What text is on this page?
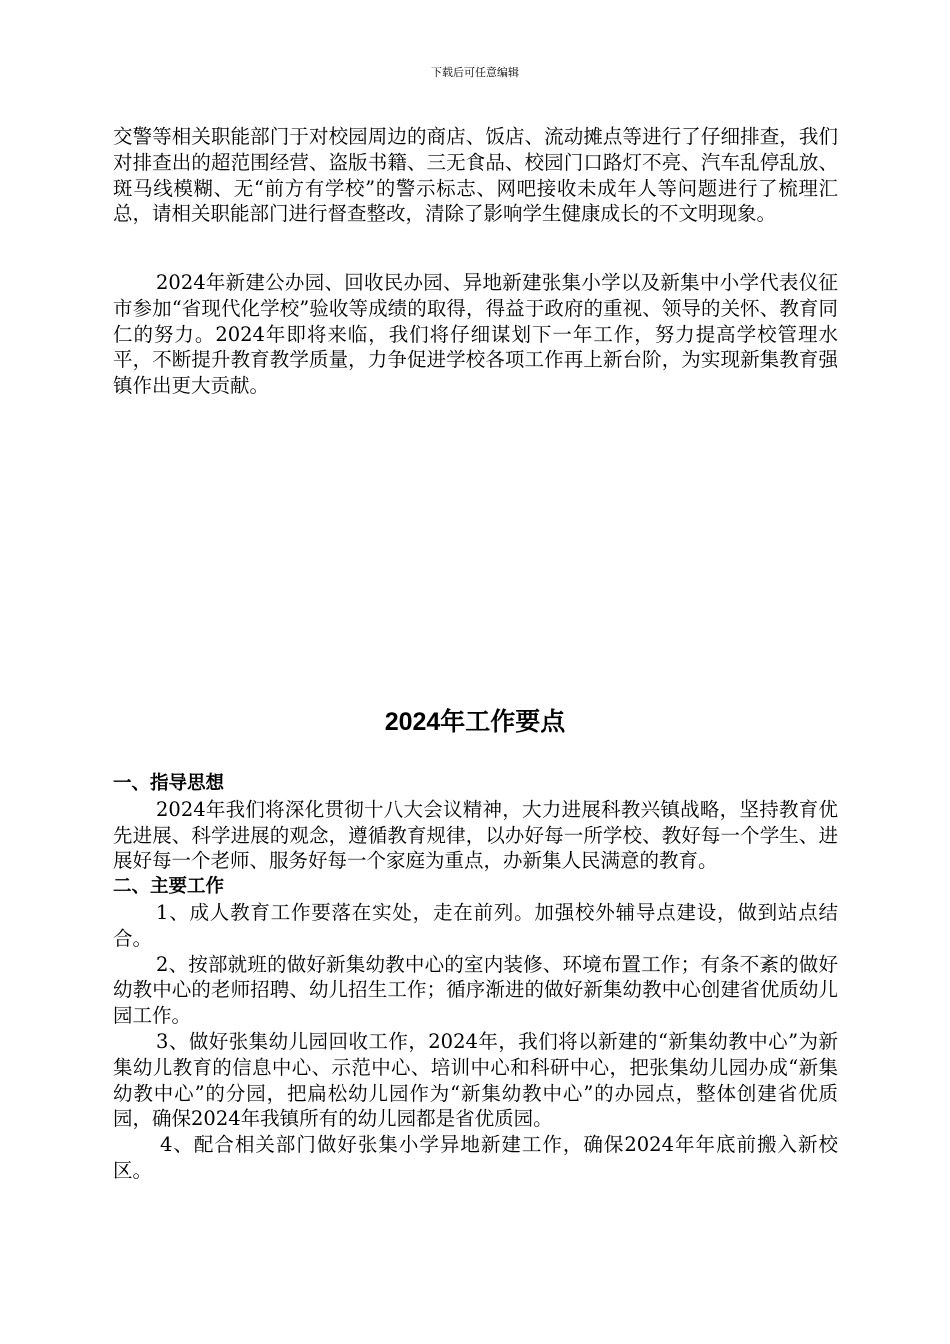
下载后可任意编辑

交警等相关职能部门于对校园周边的商店、饭店、流动摊点等进行了仔细排查，我们对排查出的超范围经营、盗版书籍、三无食品、校园门口路灯不亮、汽车乱停乱放、斑马线模糊、无“前方有学校”的警示标志、网吧接收未成年人等问题进行了梳理汇总，请相关职能部门进行督查整改，清除了影响学生健康成长的不文明现象。

2024年新建公办园、回收民办园、异地新建张集小学以及新集中小学代表仪征市参加“省现代化学校”验收等成绩的取得，得益于政府的重视、领导的关怀、教育同仁的努力。2024年即将来临，我们将仔细谋划下一年工作，努力提高学校管理水平，不断提升教育教学质量，力争促进学校各项工作再上新台阶，为实现新集教育强镇作出更大贡献。

2024年工作要点

一、指导思想

2024年我们将深化贯彻十八大会议精神，大力进展科教兴镇战略，坚持教育优先进展、科学进展的观念，遵循教育规律，以办好每一所学校、教好每一个学生、进展好每一个老师、服务好每一个家庭为重点，办新集人民满意的教育。

二、主要工作

1、成人教育工作要落在实处，走在前列。加强校外辅导点建设，做到站点结合。

2、按部就班的做好新集幼教中心的室内装修、环境布置工作；有条不紊的做好幼教中心的老师招聘、幼儿招生工作；循序渐进的做好新集幼教中心创建省优质幼儿园工作。

3、做好张集幼儿园回收工作，2024年，我们将以新建的“新集幼教中心”为新集幼儿教育的信息中心、示范中心、培训中心和科研中心，把张集幼儿园办成“新集幼教中心”的分园，把扁松幼儿园作为“新集幼教中心”的办园点，整体创建省优质园，确保2024年我镇所有的幼儿园都是省优质园。

4、配合相关部门做好张集小学异地新建工作，确保2024年年底前搬入新校区。
